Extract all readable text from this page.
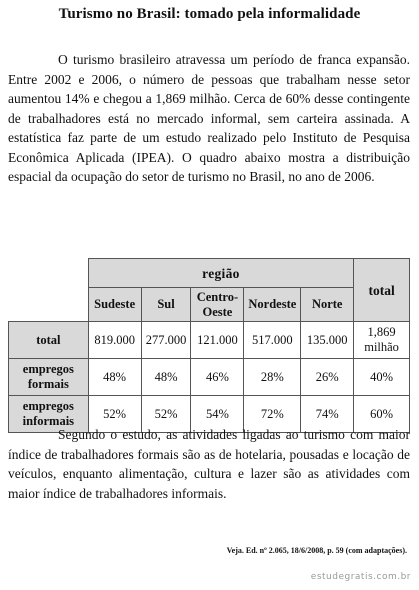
Turismo no Brasil: tomado pela informalidade
O turismo brasileiro atravessa um período de franca expansão. Entre 2002 e 2006, o número de pessoas que trabalham nesse setor aumentou 14% e chegou a 1,869 milhão. Cerca de 60% desse contingente de trabalhadores está no mercado informal, sem carteira assinada. A estatística faz parte de um estudo realizado pelo Instituto de Pesquisa Econômica Aplicada (IPEA). O quadro abaixo mostra a distribuição espacial da ocupação do setor de turismo no Brasil, no ano de 2006.
	região					total
	Sudeste	Sul	Centro-Oeste	Nordeste	Norte	
total	819.000	277.000	121.000	517.000	135.000	1,869 milhão
empregos formais	48%	48%	46%	28%	26%	40%
empregos informais	52%	52%	54%	72%	74%	60%
Segundo o estudo, as atividades ligadas ao turismo com maior índice de trabalhadores formais são as de hotelaria, pousadas e locação de veículos, enquanto alimentação, cultura e lazer são as atividades com maior índice de trabalhadores informais.
Veja. Ed. nº 2.065, 18/6/2008, p. 59 (com adaptações).
estudegratis.com.br
